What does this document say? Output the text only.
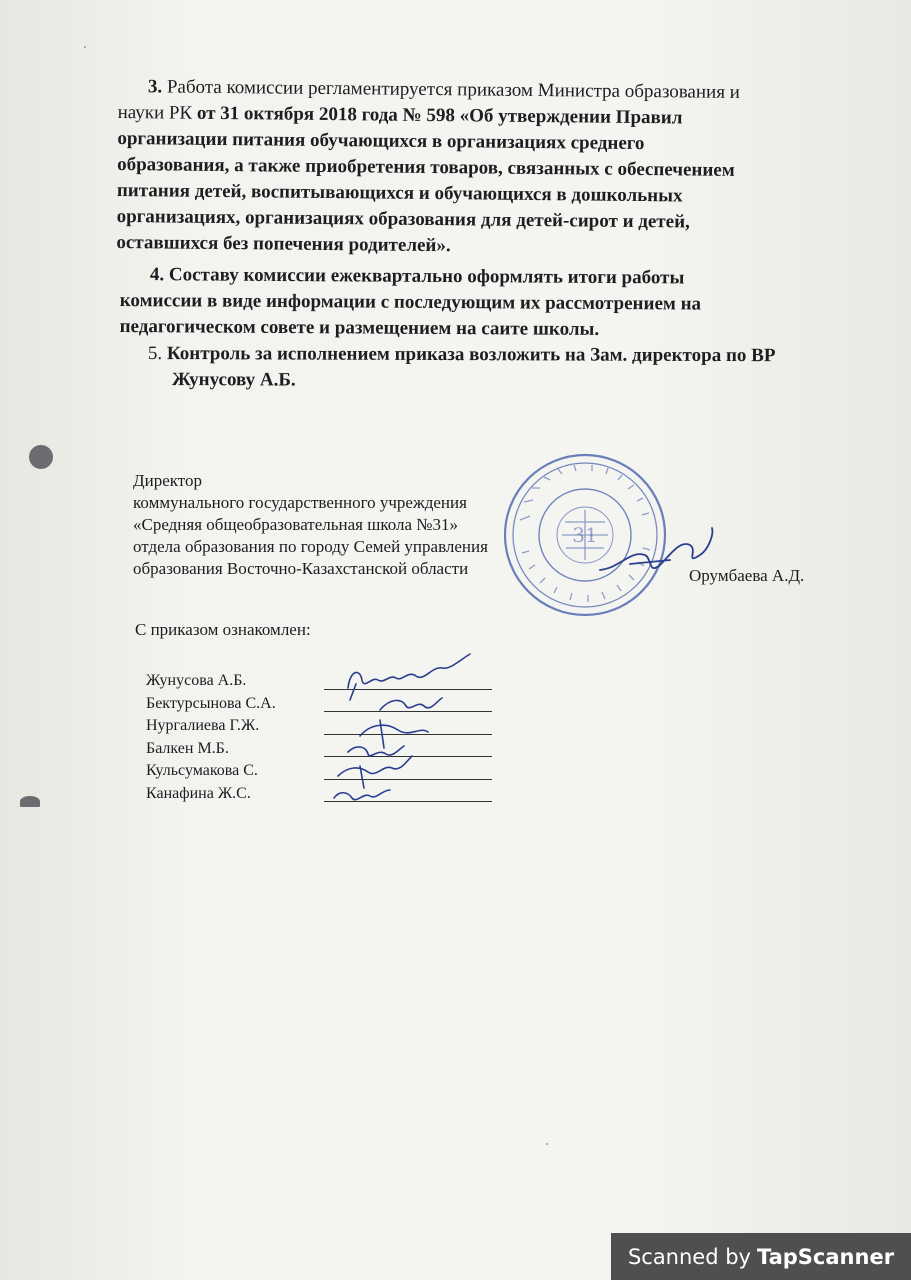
3. Работа комиссии регламентируется приказом Министра образования и
науки РК от 31 октября 2018 года № 598 «Об утверждении Правил
организации питания обучающихся в организациях среднего
образования, а также приобретения товаров, связанных с обеспечением
питания детей, воспитывающихся и обучающихся в дошкольных
организациях, организациях образования для детей-сирот и детей,
оставшихся без попечения родителей».
4. Составу комиссии ежеквартально оформлять итоги работы
комисcии в виде информации с последующим их рассмотрением на
педагогическом совете и размещением на саите школы.
5. Контроль за исполнением приказа возложить на Зам. директора по ВР
Жунусову А.Б.
31
Директор
коммунального государственного учреждения
«Средняя общеобразовательная школа №31»
отдела образования по городу Семей управления
образования Восточно-Казахстанской области	Орумбаева А.Д.
С приказом ознакомлен:
Жунусова А.Б.
Бектурсынова С.А.
Нургалиева Г.Ж.
Балкен М.Б.
Кульсумакова С.
Канафина Ж.С.
Scanned by TapScanner
